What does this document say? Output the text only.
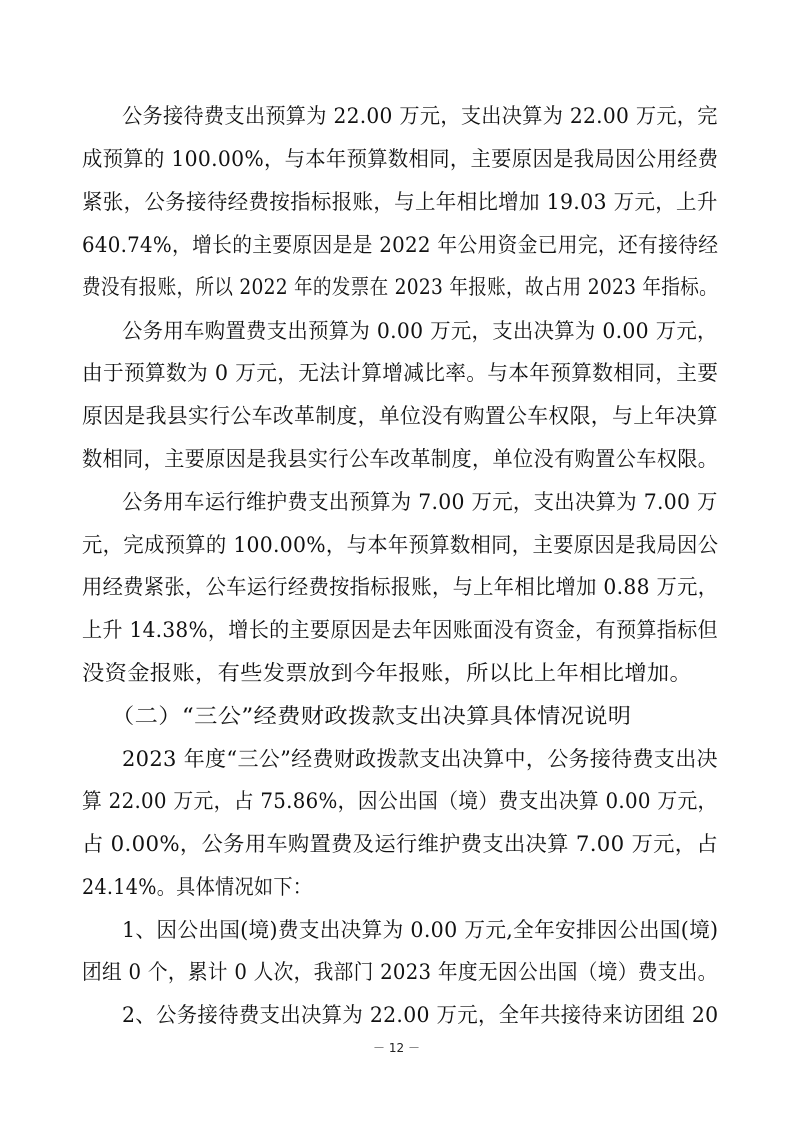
公务接待费支出预算为 22.00 万元，支出决算为 22.00 万元，完
成预算的 100.00%，与本年预算数相同，主要原因是我局因公用经费
紧张，公务接待经费按指标报账，与上年相比增加 19.03 万元，上升
640.74%，增长的主要原因是是 2022 年公用资金已用完，还有接待经
费没有报账，所以 2022 年的发票在 2023 年报账，故占用 2023 年指标。
公务用车购置费支出预算为 0.00 万元，支出决算为 0.00 万元，
由于预算数为 0 万元，无法计算增减比率。与本年预算数相同，主要
原因是我县实行公车改革制度，单位没有购置公车权限，与上年决算
数相同，主要原因是我县实行公车改革制度，单位没有购置公车权限。
公务用车运行维护费支出预算为 7.00 万元，支出决算为 7.00 万
元，完成预算的 100.00%，与本年预算数相同，主要原因是我局因公
用经费紧张，公车运行经费按指标报账，与上年相比增加 0.88 万元，
上升 14.38%，增长的主要原因是去年因账面没有资金，有预算指标但
没资金报账，有些发票放到今年报账，所以比上年相比增加。
（二）“三公”经费财政拨款支出决算具体情况说明
2023 年度“三公”经费财政拨款支出决算中，公务接待费支出决
算 22.00 万元，占 75.86%，因公出国（境）费支出决算 0.00 万元，
占 0.00%，公务用车购置费及运行维护费支出决算 7.00 万元，占
24.14%。具体情况如下：
1、因公出国(境)费支出决算为 0.00 万元,全年安排因公出国(境)
团组 0 个，累计 0 人次，我部门 2023 年度无因公出国（境）费支出。
2、公务接待费支出决算为 22.00 万元，全年共接待来访团组 20
－ 12 －
